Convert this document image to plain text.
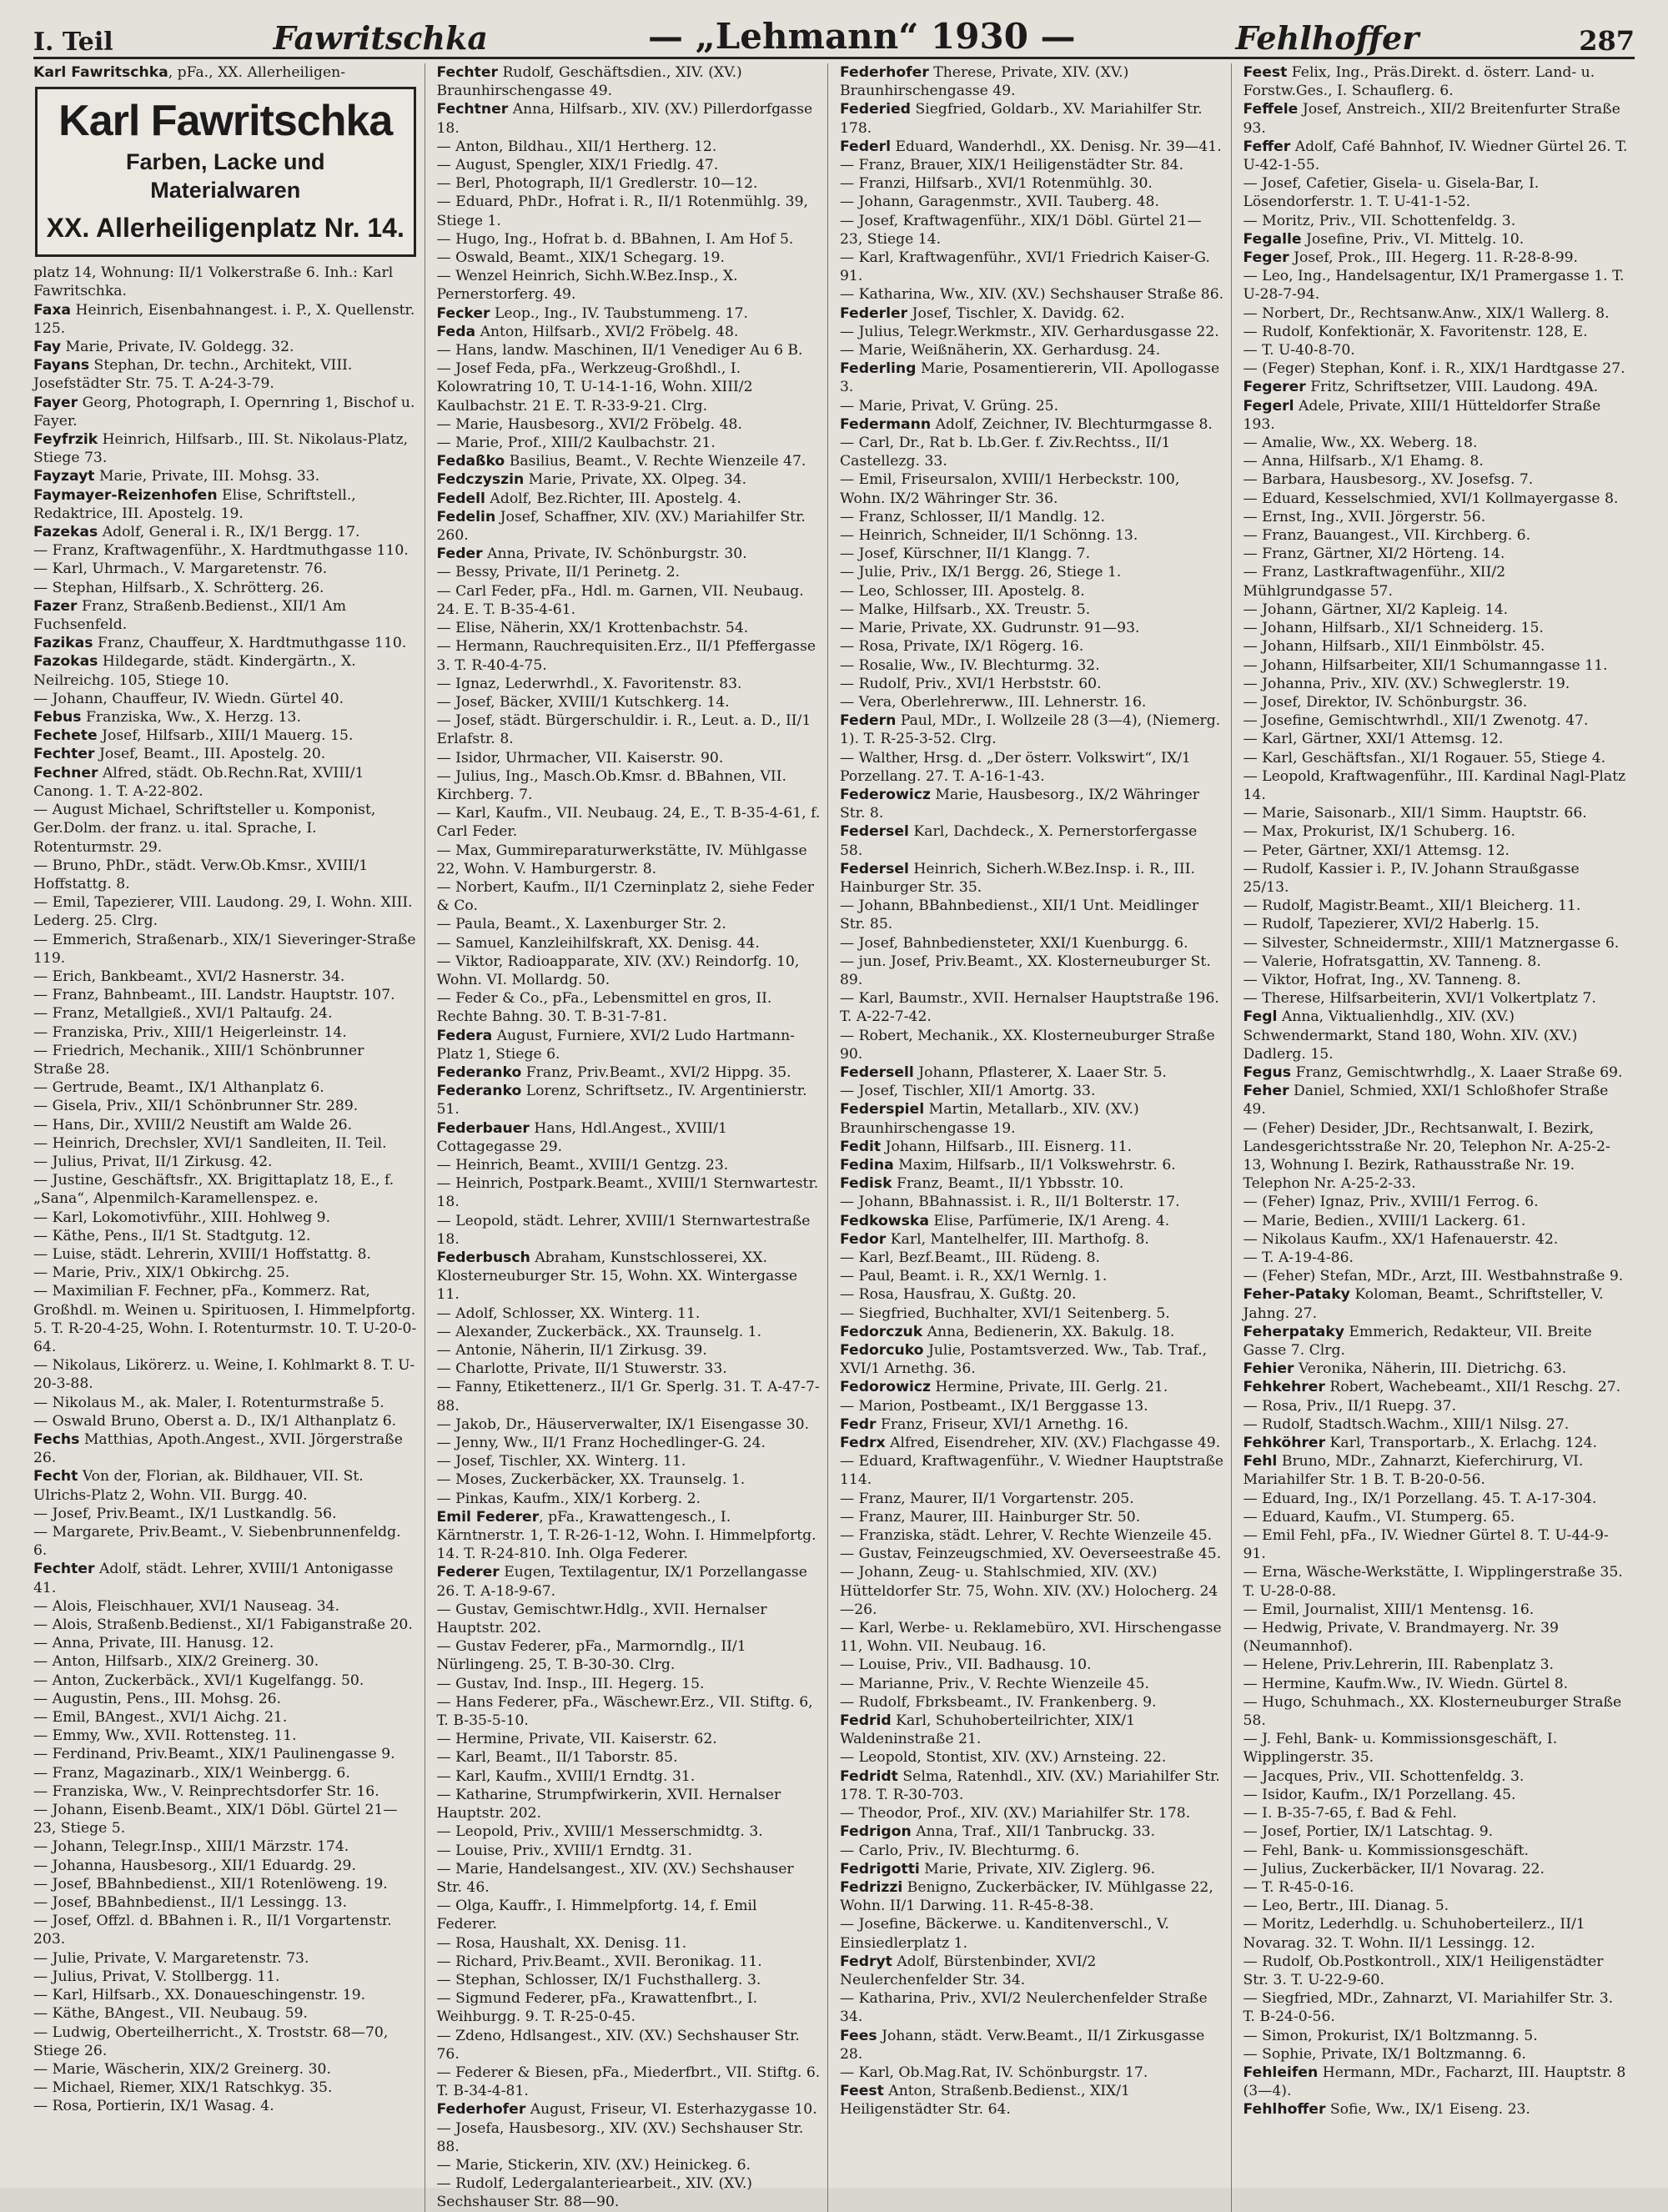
I. Teil	Fawritschka	— „Lehmann“ 1930 —	Fehlhoffer	287

Karl Fawritschka, pFa., XX. Allerheiligen-

Karl Fawritschka
Farben, Lacke und
Materialwaren
XX. Allerheiligenplatz Nr. 14.

platz 14, Wohnung: II/1 Volkerstraße 6. Inh.: Karl Fawritschka.

Faxa Heinrich, Eisenbahnangest. i. P., X. Quellenstr. 125.

Fay Marie, Private, IV. Goldegg. 32.

Fayans Stephan, Dr. techn., Architekt, VIII. Josefstädter Str. 75. T. A-24-3-79.

Fayer Georg, Photograph, I. Opernring 1, Bischof u. Fayer.

Feyfrzik Heinrich, Hilfsarb., III. St. Nikolaus-Platz, Stiege 73.

Fayzayt Marie, Private, III. Mohsg. 33.

Faymayer-Reizenhofen Elise, Schriftstell., Redaktrice, III. Apostelg. 19.

Fazekas Adolf, General i. R., IX/1 Bergg. 17.

— Franz, Kraftwagenführ., X. Hardtmuthgasse 110.

— Karl, Uhrmach., V. Margaretenstr. 76.

— Stephan, Hilfsarb., X. Schrötterg. 26.

Fazer Franz, Straßenb.Bedienst., XII/1 Am Fuchsenfeld.

Fazikas Franz, Chauffeur, X. Hardtmuthgasse 110.

Fazokas Hildegarde, städt. Kindergärtn., X. Neilreichg. 105, Stiege 10.

— Johann, Chauffeur, IV. Wiedn. Gürtel 40.

Febus Franziska, Ww., X. Herzg. 13.

Fechete Josef, Hilfsarb., XIII/1 Mauerg. 15.

Fechter Josef, Beamt., III. Apostelg. 20.

Fechner Alfred, städt. Ob.Rechn.Rat, XVIII/1 Canong. 1. T. A-22-802.

— August Michael, Schriftsteller u. Komponist, Ger.Dolm. der franz. u. ital. Sprache, I. Rotenturmstr. 29.

— Bruno, PhDr., städt. Verw.Ob.Kmsr., XVIII/1 Hoffstattg. 8.

— Emil, Tapezierer, VIII. Laudong. 29, I. Wohn. XIII. Lederg. 25. Clrg.

— Emmerich, Straßenarb., XIX/1 Sieveringer-Straße 119.

— Erich, Bankbeamt., XVI/2 Hasnerstr. 34.

— Franz, Bahnbeamt., III. Landstr. Hauptstr. 107.

— Franz, Metallgieß., XVI/1 Paltaufg. 24.

— Franziska, Priv., XIII/1 Heigerleinstr. 14.

— Friedrich, Mechanik., XIII/1 Schönbrunner Straße 28.

— Gertrude, Beamt., IX/1 Althanplatz 6.

— Gisela, Priv., XII/1 Schönbrunner Str. 289.

— Hans, Dir., XVIII/2 Neustift am Walde 26.

— Heinrich, Drechsler, XVI/1 Sandleiten, II. Teil.

— Julius, Privat, II/1 Zirkusg. 42.

— Justine, Geschäftsfr., XX. Brigittaplatz 18, E., f. „Sana“, Alpenmilch-Karamellenspez. e.

— Karl, Lokomotivführ., XIII. Hohlweg 9.

— Käthe, Pens., II/1 St. Stadtgutg. 12.

— Luise, städt. Lehrerin, XVIII/1 Hoffstattg. 8.

— Marie, Priv., XIX/1 Obkirchg. 25.

— Maximilian F. Fechner, pFa., Kommerz. Rat, Großhdl. m. Weinen u. Spirituosen, I. Himmelpfortg. 5. T. R-20-4-25, Wohn. I. Rotenturmstr. 10. T. U-20-0-64.

— Nikolaus, Likörerz. u. Weine, I. Kohlmarkt 8. T. U-20-3-88.

— Nikolaus M., ak. Maler, I. Rotenturmstraße 5.

— Oswald Bruno, Oberst a. D., IX/1 Althanplatz 6.

Fechs Matthias, Apoth.Angest., XVII. Jörgerstraße 26.

Fecht Von der, Florian, ak. Bildhauer, VII. St. Ulrichs-Platz 2, Wohn. VII. Burgg. 40.

— Josef, Priv.Beamt., IX/1 Lustkandlg. 56.

— Margarete, Priv.Beamt., V. Siebenbrunnenfeldg. 6.

Fechter Adolf, städt. Lehrer, XVIII/1 Antonigasse 41.

— Alois, Fleischhauer, XVI/1 Nauseag. 34.

— Alois, Straßenb.Bedienst., XI/1 Fabiganstraße 20.

— Anna, Private, III. Hanusg. 12.

— Anton, Hilfsarb., XIX/2 Greinerg. 30.

— Anton, Zuckerbäck., XVI/1 Kugelfangg. 50.

— Augustin, Pens., III. Mohsg. 26.

— Emil, BAngest., XVI/1 Aichg. 21.

— Emmy, Ww., XVII. Rottensteg. 11.

— Ferdinand, Priv.Beamt., XIX/1 Paulinengasse 9.

— Franz, Magazinarb., XIX/1 Weinbergg. 6.

— Franziska, Ww., V. Reinprechtsdorfer Str. 16.

— Johann, Eisenb.Beamt., XIX/1 Döbl. Gürtel 21—23, Stiege 5.

— Johann, Telegr.Insp., XIII/1 Märzstr. 174.

— Johanna, Hausbesorg., XII/1 Eduardg. 29.

— Josef, BBahnbedienst., XII/1 Rotenlöweng. 19.

— Josef, BBahnbedienst., II/1 Lessingg. 13.

— Josef, Offzl. d. BBahnen i. R., II/1 Vorgartenstr. 203.

— Julie, Private, V. Margaretenstr. 73.

— Julius, Privat, V. Stollbergg. 11.

— Karl, Hilfsarb., XX. Donaueschingenstr. 19.

— Käthe, BAngest., VII. Neubaug. 59.

— Ludwig, Oberteilherricht., X. Troststr. 68—70, Stiege 26.

— Marie, Wäscherin, XIX/2 Greinerg. 30.

— Michael, Riemer, XIX/1 Ratschkyg. 35.

— Rosa, Portierin, IX/1 Wasag. 4.

Fechter Rudolf, Geschäftsdien., XIV. (XV.) Braunhirschengasse 49.

Fechtner Anna, Hilfsarb., XIV. (XV.) Pillerdorfgasse 18.

— Anton, Bildhau., XII/1 Hertherg. 12.

— August, Spengler, XIX/1 Friedlg. 47.

— Berl, Photograph, II/1 Gredlerstr. 10—12.

— Eduard, PhDr., Hofrat i. R., II/1 Rotenmühlg. 39, Stiege 1.

— Hugo, Ing., Hofrat b. d. BBahnen, I. Am Hof 5.

— Oswald, Beamt., XIX/1 Schegarg. 19.

— Wenzel Heinrich, Sichh.W.Bez.Insp., X. Pernerstorferg. 49.

Fecker Leop., Ing., IV. Taubstummeng. 17.

Feda Anton, Hilfsarb., XVI/2 Fröbelg. 48.

— Hans, landw. Maschinen, II/1 Venediger Au 6 B.

— Josef Feda, pFa., Werkzeug-Großhdl., I. Kolowratring 10, T. U-14-1-16, Wohn. XIII/2 Kaulbachstr. 21 E. T. R-33-9-21. Clrg.

— Marie, Hausbesorg., XVI/2 Fröbelg. 48.

— Marie, Prof., XIII/2 Kaulbachstr. 21.

Fedaßko Basilius, Beamt., V. Rechte Wienzeile 47.

Fedczyszin Marie, Private, XX. Olpeg. 34.

Fedell Adolf, Bez.Richter, III. Apostelg. 4.

Fedelin Josef, Schaffner, XIV. (XV.) Mariahilfer Str. 260.

Feder Anna, Private, IV. Schönburgstr. 30.

— Bessy, Private, II/1 Perinetg. 2.

— Carl Feder, pFa., Hdl. m. Garnen, VII. Neubaug. 24. E. T. B-35-4-61.

— Elise, Näherin, XX/1 Krottenbachstr. 54.

— Hermann, Rauchrequisiten.Erz., II/1 Pfeffergasse 3. T. R-40-4-75.

— Ignaz, Lederwrhdl., X. Favoritenstr. 83.

— Josef, Bäcker, XVIII/1 Kutschkerg. 14.

— Josef, städt. Bürgerschuldir. i. R., Leut. a. D., II/1 Erlafstr. 8.

— Isidor, Uhrmacher, VII. Kaiserstr. 90.

— Julius, Ing., Masch.Ob.Kmsr. d. BBahnen, VII. Kirchberg. 7.

— Karl, Kaufm., VII. Neubaug. 24, E., T. B-35-4-61, f. Carl Feder.

— Max, Gummireparaturwerkstätte, IV. Mühlgasse 22, Wohn. V. Hamburgerstr. 8.

— Norbert, Kaufm., II/1 Czerninplatz 2, siehe Feder & Co.

— Paula, Beamt., X. Laxenburger Str. 2.

— Samuel, Kanzleihilfskraft, XX. Denisg. 44.

— Viktor, Radioapparate, XIV. (XV.) Reindorfg. 10, Wohn. VI. Mollardg. 50.

— Feder & Co., pFa., Lebensmittel en gros, II. Rechte Bahng. 30. T. B-31-7-81.

Federa August, Furniere, XVI/2 Ludo Hartmann-Platz 1, Stiege 6.

Federanko Franz, Priv.Beamt., XVI/2 Hippg. 35.

Federanko Lorenz, Schriftsetz., IV. Argentinierstr. 51.

Federbauer Hans, Hdl.Angest., XVIII/1 Cottagegasse 29.

— Heinrich, Beamt., XVIII/1 Gentzg. 23.

— Heinrich, Postpark.Beamt., XVIII/1 Sternwartestr. 18.

— Leopold, städt. Lehrer, XVIII/1 Sternwartestraße 18.

Federbusch Abraham, Kunstschlosserei, XX. Klosterneuburger Str. 15, Wohn. XX. Wintergasse 11.

— Adolf, Schlosser, XX. Winterg. 11.

— Alexander, Zuckerbäck., XX. Traunselg. 1.

— Antonie, Näherin, II/1 Zirkusg. 39.

— Charlotte, Private, II/1 Stuwerstr. 33.

— Fanny, Etikettenerz., II/1 Gr. Sperlg. 31. T. A-47-7-88.

— Jakob, Dr., Häuserverwalter, IX/1 Eisengasse 30.

— Jenny, Ww., II/1 Franz Hochedlinger-G. 24.

— Josef, Tischler, XX. Winterg. 11.

— Moses, Zuckerbäcker, XX. Traunselg. 1.

— Pinkas, Kaufm., XIX/1 Korberg. 2.

Emil Federer, pFa., Krawattengesch., I. Kärntnerstr. 1, T. R-26-1-12, Wohn. I. Himmelpfortg. 14. T. R-24-810. Inh. Olga Federer.

Federer Eugen, Textilagentur, IX/1 Porzellangasse 26. T. A-18-9-67.

— Gustav, Gemischtwr.Hdlg., XVII. Hernalser Hauptstr. 202.

— Gustav Federer, pFa., Marmorndlg., II/1 Nürlingeng. 25, T. B-30-30. Clrg.

— Gustav, Ind. Insp., III. Hegerg. 15.

— Hans Federer, pFa., Wäschewr.Erz., VII. Stiftg. 6, T. B-35-5-10.

— Hermine, Private, VII. Kaiserstr. 62.

— Karl, Beamt., II/1 Taborstr. 85.

— Karl, Kaufm., XVIII/1 Erndtg. 31.

— Katharine, Strumpfwirkerin, XVII. Hernalser Hauptstr. 202.

— Leopold, Priv., XVIII/1 Messerschmidtg. 3.

— Louise, Priv., XVIII/1 Erndtg. 31.

— Marie, Handelsangest., XIV. (XV.) Sechshauser Str. 46.

— Olga, Kauffr., I. Himmelpfortg. 14, f. Emil Federer.

— Rosa, Haushalt, XX. Denisg. 11.

— Richard, Priv.Beamt., XVII. Beronikag. 11.

— Stephan, Schlosser, IX/1 Fuchsthallerg. 3.

— Sigmund Federer, pFa., Krawattenfbrt., I. Weihburgg. 9. T. R-25-0-45.

— Zdeno, Hdlsangest., XIV. (XV.) Sechshauser Str. 76.

— Federer & Biesen, pFa., Miederfbrt., VII. Stiftg. 6. T. B-34-4-81.

Federhofer August, Friseur, VI. Esterhazygasse 10.

— Josefa, Hausbesorg., XIV. (XV.) Sechshauser Str. 88.

— Marie, Stickerin, XIV. (XV.) Heinickeg. 6.

— Rudolf, Ledergalanteriearbeit., XIV. (XV.) Sechshauser Str. 88—90.

Federhofer Therese, Private, XIV. (XV.) Braunhirschengasse 49.

Federied Siegfried, Goldarb., XV. Mariahilfer Str. 178.

Federl Eduard, Wanderhdl., XX. Denisg. Nr. 39—41.

— Franz, Brauer, XIX/1 Heiligenstädter Str. 84.

— Franzi, Hilfsarb., XVI/1 Rotenmühlg. 30.

— Johann, Garagenmstr., XVII. Tauberg. 48.

— Josef, Kraftwagenführ., XIX/1 Döbl. Gürtel 21—23, Stiege 14.

— Karl, Kraftwagenführ., XVI/1 Friedrich Kaiser-G. 91.

— Katharina, Ww., XIV. (XV.) Sechshauser Straße 86.

Federler Josef, Tischler, X. Davidg. 62.

— Julius, Telegr.Werkmstr., XIV. Gerhardusgasse 22.

— Marie, Weißnäherin, XX. Gerhardusg. 24.

Federling Marie, Posamentiererin, VII. Apollogasse 3.

— Marie, Privat, V. Grüng. 25.

Federmann Adolf, Zeichner, IV. Blechturmgasse 8.

— Carl, Dr., Rat b. Lb.Ger. f. Ziv.Rechtss., II/1 Castellezg. 33.

— Emil, Friseursalon, XVIII/1 Herbeckstr. 100, Wohn. IX/2 Währinger Str. 36.

— Franz, Schlosser, II/1 Mandlg. 12.

— Heinrich, Schneider, II/1 Schönng. 13.

— Josef, Kürschner, II/1 Klangg. 7.

— Julie, Priv., IX/1 Bergg. 26, Stiege 1.

— Leo, Schlosser, III. Apostelg. 8.

— Malke, Hilfsarb., XX. Treustr. 5.

— Marie, Private, XX. Gudrunstr. 91—93.

— Rosa, Private, IX/1 Rögerg. 16.

— Rosalie, Ww., IV. Blechturmg. 32.

— Rudolf, Priv., XVI/1 Herbststr. 60.

— Vera, Oberlehrerww., III. Lehnerstr. 16.

Federn Paul, MDr., I. Wollzeile 28 (3—4), (Niemerg. 1). T. R-25-3-52. Clrg.

— Walther, Hrsg. d. „Der österr. Volkswirt“, IX/1 Porzellang. 27. T. A-16-1-43.

Federowicz Marie, Hausbesorg., IX/2 Währinger Str. 8.

Federsel Karl, Dachdeck., X. Pernerstorfergasse 58.

Federsel Heinrich, Sicherh.W.Bez.Insp. i. R., III. Hainburger Str. 35.

— Johann, BBahnbedienst., XII/1 Unt. Meidlinger Str. 85.

— Josef, Bahnbediensteter, XXI/1 Kuenburgg. 6.

— jun. Josef, Priv.Beamt., XX. Klosterneuburger St. 89.

— Karl, Baumstr., XVII. Hernalser Hauptstraße 196. T. A-22-7-42.

— Robert, Mechanik., XX. Klosterneuburger Straße 90.

Federsell Johann, Pflasterer, X. Laaer Str. 5.

— Josef, Tischler, XII/1 Amortg. 33.

Federspiel Martin, Metallarb., XIV. (XV.) Braunhirschengasse 19.

Fedit Johann, Hilfsarb., III. Eisnerg. 11.

Fedina Maxim, Hilfsarb., II/1 Volkswehrstr. 6.

Fedisk Franz, Beamt., II/1 Ybbsstr. 10.

— Johann, BBahnassist. i. R., II/1 Bolterstr. 17.

Fedkowska Elise, Parfümerie, IX/1 Areng. 4.

Fedor Karl, Mantelhelfer, III. Marthofg. 8.

— Karl, Bezf.Beamt., III. Rüdeng. 8.

— Paul, Beamt. i. R., XX/1 Wernlg. 1.

— Rosa, Hausfrau, X. Gußtg. 20.

— Siegfried, Buchhalter, XVI/1 Seitenberg. 5.

Fedorczuk Anna, Bedienerin, XX. Bakulg. 18.

Fedorcuko Julie, Postamtsverzed. Ww., Tab. Traf., XVI/1 Arnethg. 36.

Fedorowicz Hermine, Private, III. Gerlg. 21.

— Marion, Postbeamt., IX/1 Berggasse 13.

Fedr Franz, Friseur, XVI/1 Arnethg. 16.

Fedrx Alfred, Eisendreher, XIV. (XV.) Flachgasse 49.

— Eduard, Kraftwagenführ., V. Wiedner Hauptstraße 114.

— Franz, Maurer, II/1 Vorgartenstr. 205.

— Franz, Maurer, III. Hainburger Str. 50.

— Franziska, städt. Lehrer, V. Rechte Wienzeile 45.

— Gustav, Feinzeugschmied, XV. Oeverseestraße 45.

— Johann, Zeug- u. Stahlschmied, XIV. (XV.) Hütteldorfer Str. 75, Wohn. XIV. (XV.) Holocherg. 24—26.

— Karl, Werbe- u. Reklamebüro, XVI. Hirschengasse 11, Wohn. VII. Neubaug. 16.

— Louise, Priv., VII. Badhausg. 10.

— Marianne, Priv., V. Rechte Wienzeile 45.

— Rudolf, Fbrksbeamt., IV. Frankenberg. 9.

Fedrid Karl, Schuhoberteilrichter, XIX/1 Waldeninstraße 21.

— Leopold, Stontist, XIV. (XV.) Arnsteing. 22.

Fedridt Selma, Ratenhdl., XIV. (XV.) Mariahilfer Str. 178. T. R-30-703.

— Theodor, Prof., XIV. (XV.) Mariahilfer Str. 178.

Fedrigon Anna, Traf., XII/1 Tanbruckg. 33.

— Carlo, Priv., IV. Blechturmg. 6.

Fedrigotti Marie, Private, XIV. Ziglerg. 96.

Fedrizzi Benigno, Zuckerbäcker, IV. Mühlgasse 22, Wohn. II/1 Darwing. 11. R-45-8-38.

— Josefine, Bäckerwe. u. Kanditenverschl., V. Einsiedlerplatz 1.

Fedryt Adolf, Bürstenbinder, XVI/2 Neulerchenfelder Str. 34.

— Katharina, Priv., XVI/2 Neulerchenfelder Straße 34.

Fees Johann, städt. Verw.Beamt., II/1 Zirkusgasse 28.

— Karl, Ob.Mag.Rat, IV. Schönburgstr. 17.

Feest Anton, Straßenb.Bedienst., XIX/1 Heiligenstädter Str. 64.

Feest Felix, Ing., Präs.Direkt. d. österr. Land- u. Forstw.Ges., I. Schauflerg. 6.

Feffele Josef, Anstreich., XII/2 Breitenfurter Straße 93.

Feffer Adolf, Café Bahnhof, IV. Wiedner Gürtel 26. T. U-42-1-55.

— Josef, Cafetier, Gisela- u. Gisela-Bar, I. Lösendorferstr. 1. T. U-41-1-52.

— Moritz, Priv., VII. Schottenfeldg. 3.

Fegalle Josefine, Priv., VI. Mittelg. 10.

Feger Josef, Prok., III. Hegerg. 11. R-28-8-99.

— Leo, Ing., Handelsagentur, IX/1 Pramergasse 1. T. U-28-7-94.

— Norbert, Dr., Rechtsanw.Anw., XIX/1 Wallerg. 8.

— Rudolf, Konfektionär, X. Favoritenstr. 128, E.

— T. U-40-8-70.

— (Feger) Stephan, Konf. i. R., XIX/1 Hardtgasse 27.

Fegerer Fritz, Schriftsetzer, VIII. Laudong. 49A.

Fegerl Adele, Private, XIII/1 Hütteldorfer Straße 193.

— Amalie, Ww., XX. Weberg. 18.

— Anna, Hilfsarb., X/1 Ehamg. 8.

— Barbara, Hausbesorg., XV. Josefsg. 7.

— Eduard, Kesselschmied, XVI/1 Kollmayergasse 8.

— Ernst, Ing., XVII. Jörgerstr. 56.

— Franz, Bauangest., VII. Kirchberg. 6.

— Franz, Gärtner, XI/2 Hörteng. 14.

— Franz, Lastkraftwagenführ., XII/2 Mühlgrundgasse 57.

— Johann, Gärtner, XI/2 Kapleig. 14.

— Johann, Hilfsarb., XI/1 Schneiderg. 15.

— Johann, Hilfsarb., XII/1 Einmbölstr. 45.

— Johann, Hilfsarbeiter, XII/1 Schumanngasse 11.

— Johanna, Priv., XIV. (XV.) Schweglerstr. 19.

— Josef, Direktor, IV. Schönburgstr. 36.

— Josefine, Gemischtwrhdl., XII/1 Zwenotg. 47.

— Karl, Gärtner, XXI/1 Attemsg. 12.

— Karl, Geschäftsfan., XI/1 Rogauer. 55, Stiege 4.

— Leopold, Kraftwagenführ., III. Kardinal Nagl-Platz 14.

— Marie, Saisonarb., XII/1 Simm. Hauptstr. 66.

— Max, Prokurist, IX/1 Schuberg. 16.

— Peter, Gärtner, XXI/1 Attemsg. 12.

— Rudolf, Kassier i. P., IV. Johann Straußgasse 25/13.

— Rudolf, Magistr.Beamt., XII/1 Bleicherg. 11.

— Rudolf, Tapezierer, XVI/2 Haberlg. 15.

— Silvester, Schneidermstr., XIII/1 Matznergasse 6.

— Valerie, Hofratsgattin, XV. Tanneng. 8.

— Viktor, Hofrat, Ing., XV. Tanneng. 8.

— Therese, Hilfsarbeiterin, XVI/1 Volkertplatz 7.

Fegl Anna, Viktualienhdlg., XIV. (XV.) Schwendermarkt, Stand 180, Wohn. XIV. (XV.) Dadlerg. 15.

Fegus Franz, Gemischtwrhdlg., X. Laaer Straße 69.

Feher Daniel, Schmied, XXI/1 Schloßhofer Straße 49.

— (Feher) Desider, JDr., Rechtsanwalt, I. Bezirk, Landesgerichtsstraße Nr. 20, Telephon Nr. A-25-2-13, Wohnung I. Bezirk, Rathausstraße Nr. 19. Telephon Nr. A-25-2-33.

— (Feher) Ignaz, Priv., XVIII/1 Ferrog. 6.

— Marie, Bedien., XVIII/1 Lackerg. 61.

— Nikolaus Kaufm., XX/1 Hafenauerstr. 42.

— T. A-19-4-86.

— (Feher) Stefan, MDr., Arzt, III. Westbahnstraße 9.

Feher-Pataky Koloman, Beamt., Schriftsteller, V. Jahng. 27.

Feherpataky Emmerich, Redakteur, VII. Breite Gasse 7. Clrg.

Fehier Veronika, Näherin, III. Dietrichg. 63.

Fehkehrer Robert, Wachebeamt., XII/1 Reschg. 27.

— Rosa, Priv., II/1 Ruepg. 37.

— Rudolf, Stadtsch.Wachm., XIII/1 Nilsg. 27.

Fehköhrer Karl, Transportarb., X. Erlachg. 124.

Fehl Bruno, MDr., Zahnarzt, Kieferchirurg, VI. Mariahilfer Str. 1 B. T. B-20-0-56.

— Eduard, Ing., IX/1 Porzellang. 45. T. A-17-304.

— Eduard, Kaufm., VI. Stumperg. 65.

— Emil Fehl, pFa., IV. Wiedner Gürtel 8. T. U-44-9-91.

— Erna, Wäsche-Werkstätte, I. Wipplingerstraße 35. T. U-28-0-88.

— Emil, Journalist, XIII/1 Mentensg. 16.

— Hedwig, Private, V. Brandmayerg. Nr. 39 (Neumannhof).

— Helene, Priv.Lehrerin, III. Rabenplatz 3.

— Hermine, Kaufm.Ww., IV. Wiedn. Gürtel 8.

— Hugo, Schuhmach., XX. Klosterneuburger Straße 58.

— J. Fehl, Bank- u. Kommissionsgeschäft, I. Wipplingerstr. 35.

— Jacques, Priv., VII. Schottenfeldg. 3.

— Isidor, Kaufm., IX/1 Porzellang. 45.

— I. B-35-7-65, f. Bad & Fehl.

— Josef, Portier, IX/1 Latschtag. 9.

— Fehl, Bank- u. Kommissionsgeschäft.

— Julius, Zuckerbäcker, II/1 Novarag. 22.

— T. R-45-0-16.

— Leo, Bertr., III. Dianag. 5.

— Moritz, Lederhdlg. u. Schuhoberteilerz., II/1 Novarag. 32. T. Wohn. II/1 Lessingg. 12.

— Rudolf, Ob.Postkontroll., XIX/1 Heiligenstädter Str. 3. T. U-22-9-60.

— Siegfried, MDr., Zahnarzt, VI. Mariahilfer Str. 3. T. B-24-0-56.

— Simon, Prokurist, IX/1 Boltzmanng. 5.

— Sophie, Private, IX/1 Boltzmanng. 6.

Fehleifen Hermann, MDr., Facharzt, III. Hauptstr. 8 (3—4).

Fehlhoffer Sofie, Ww., IX/1 Eiseng. 23.
